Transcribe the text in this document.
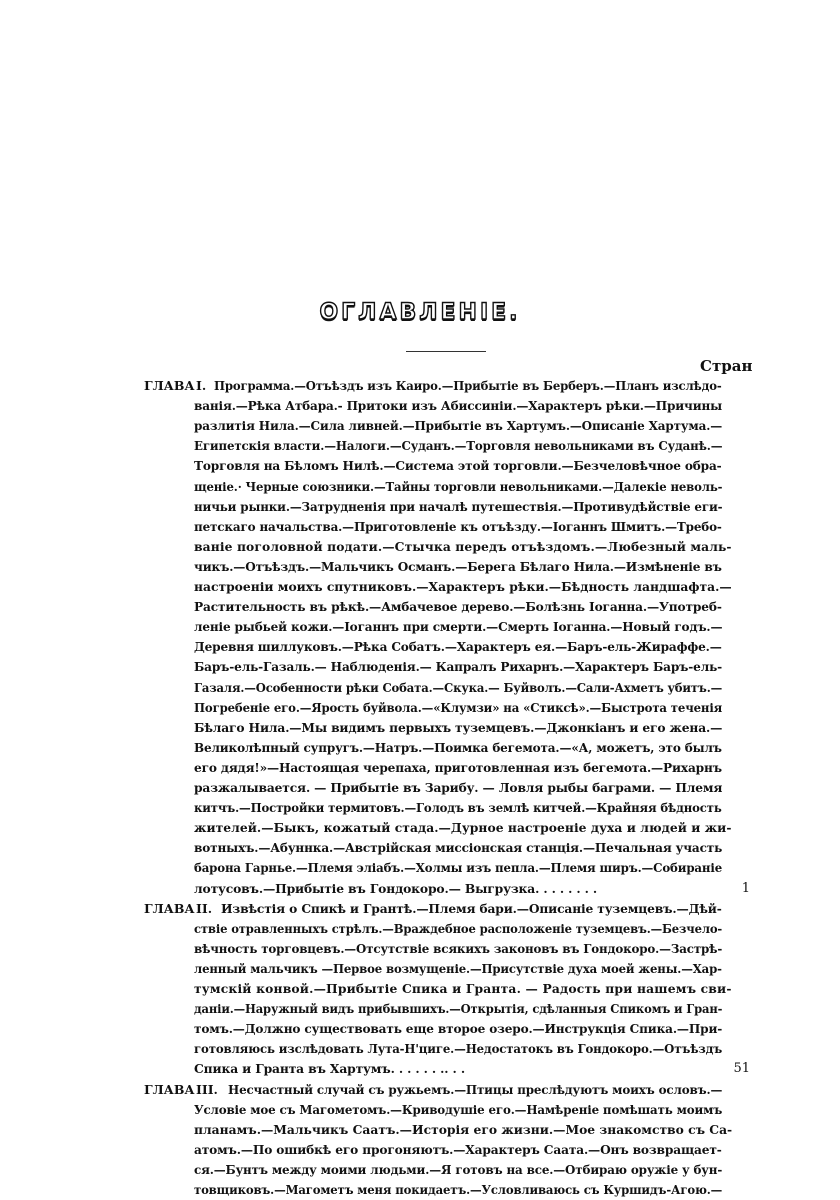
ОГЛАВЛЕНІЕ.
Стран
ГЛАВА I. Программа.—Отъѣздъ изъ Каиро.—Прибытіе въ Берберъ.—Планъ изслѣдо-
ванія.—Рѣка Атбара.- Притоки изъ Абиссиніи.—Характеръ рѣки.—Причины
разлитія Нила.—Сила ливней.—Прибытіе въ Хартумъ.—Описаніе Хартума.—
Египетскія власти.—Налоги.—Суданъ.—Торговля невольниками въ Суданѣ.—
Торговля на Бѣломъ Нилѣ.—Система этой торговли.—Безчеловѣчное обра-
щеніе.· Черные союзники.—Тайны торговли невольниками.—Далекіе неволь-
ничьи рынки.—Затрудненія при началѣ путешествія.—Противудѣйствіе еги-
петскаго начальства.—Приготовленіе къ отъѣзду.—Іоганнъ Шмитъ.—Требо-
ваніе поголовной подати.—Стычка передъ отъѣздомъ.—Любезный маль-
чикъ.—Отъѣздъ.—Мальчикъ Османъ.—Берега Бѣлаго Нила.—Измѣненіе въ
настроеніи моихъ спутниковъ.—Характеръ рѣки.—Бѣдность ландшафта.—
Растительность въ рѣкѣ.—Амбачевое дерево.—Болѣзнь Іоганна.—Употреб-
леніе рыбьей кожи.—Іоганнъ при смерти.—Смерть Іоганна.—Новый годъ.—
Деревня шиллуковъ.—Рѣка Собатъ.—Характеръ ея.—Баръ-ель-Жираффе.—
Баръ-ель-Газаль.— Наблюденія.— Капралъ Рихарнъ.—Характеръ Баръ-ель-
Газаля.—Особенности рѣки Собата.—Скука.— Буйволъ.—Сали-Ахметъ убитъ.—
Погребеніе его.—Ярость буйвола.—«Клумзи» на «Стиксѣ».—Быстрота теченія
Бѣлаго Нила.—Мы видимъ первыхъ туземцевъ.—Джонкіанъ и его жена.—
Великолѣпный супругъ.—Натръ.—Поимка бегемота.—«А, можетъ, это былъ
его дядя!»—Настоящая черепаха, приготовленная изъ бегемота.—Рихарнъ
разжалывается. — Прибытіе въ Зарибу. — Ловля рыбы баграми. — Племя
китчъ.—Постройки термитовъ.—Голодъ въ землѣ китчей.—Крайняя бѣдность
жителей.—Быкъ, кожатый стада.—Дурное настроеніе духа и людей и жи-
вотныхъ.—Абуннка.—Австрійская миссіонская станція.—Печальная участь
барона Гарнье.—Племя эліабъ.—Холмы изъ пепла.—Племя ширъ.—Собираніе
лотусовъ.—Прибытіе въ Гондокоро.— Выгрузка. . . . . . . .	1
ГЛАВА II. Извѣстія о Спикѣ и Грантѣ.—Племя бари.—Описаніе туземцевъ.—Дѣй-
ствіе отравленныхъ стрѣлъ.—Враждебное расположеніе туземцевъ.—Безчело-
вѣчность торговцевъ.—Отсутствіе всякихъ законовъ въ Гондокоро.—Застрѣ-
ленный мальчикъ —Первое возмущеніе.—Присутствіе духа моей жены.—Хар-
тумскій конвой.—Прибытіе Спика и Гранта. — Радость при нашемъ сви-
даніи.—Наружный видъ прибывшихъ.—Открытія, сдѣланныя Спикомъ и Гран-
томъ.—Должно существовать еще второе озеро.—Инструкція Спика.—При-
готовляюсь изслѣдовать Лута-Н'циге.—Недостатокъ въ Гондокоро.—Отъѣздъ
Спика и Гранта въ Хартумъ. . . . . . .. . .	51
ГЛАВА III. Несчастный случай съ ружьемъ.—Птицы преслѣдуютъ моихъ ословъ.—
Условіе мое съ Магометомъ.—Криводушіе его.—Намѣреніе помѣшать моимъ
планамъ.—Мальчикъ Саатъ.—Исторія его жизни.—Мое знакомство съ Са-
атомъ.—По ошибкѣ его прогоняютъ.—Характеръ Саата.—Онъ возвращает-
ся.—Бунтъ между моими людьми.—Я готовъ на все.—Отбираю оружіе у бун-
товщиковъ.—Магометъ меня покидаетъ.—Условливаюсь съ Куршидъ-Агою.—
